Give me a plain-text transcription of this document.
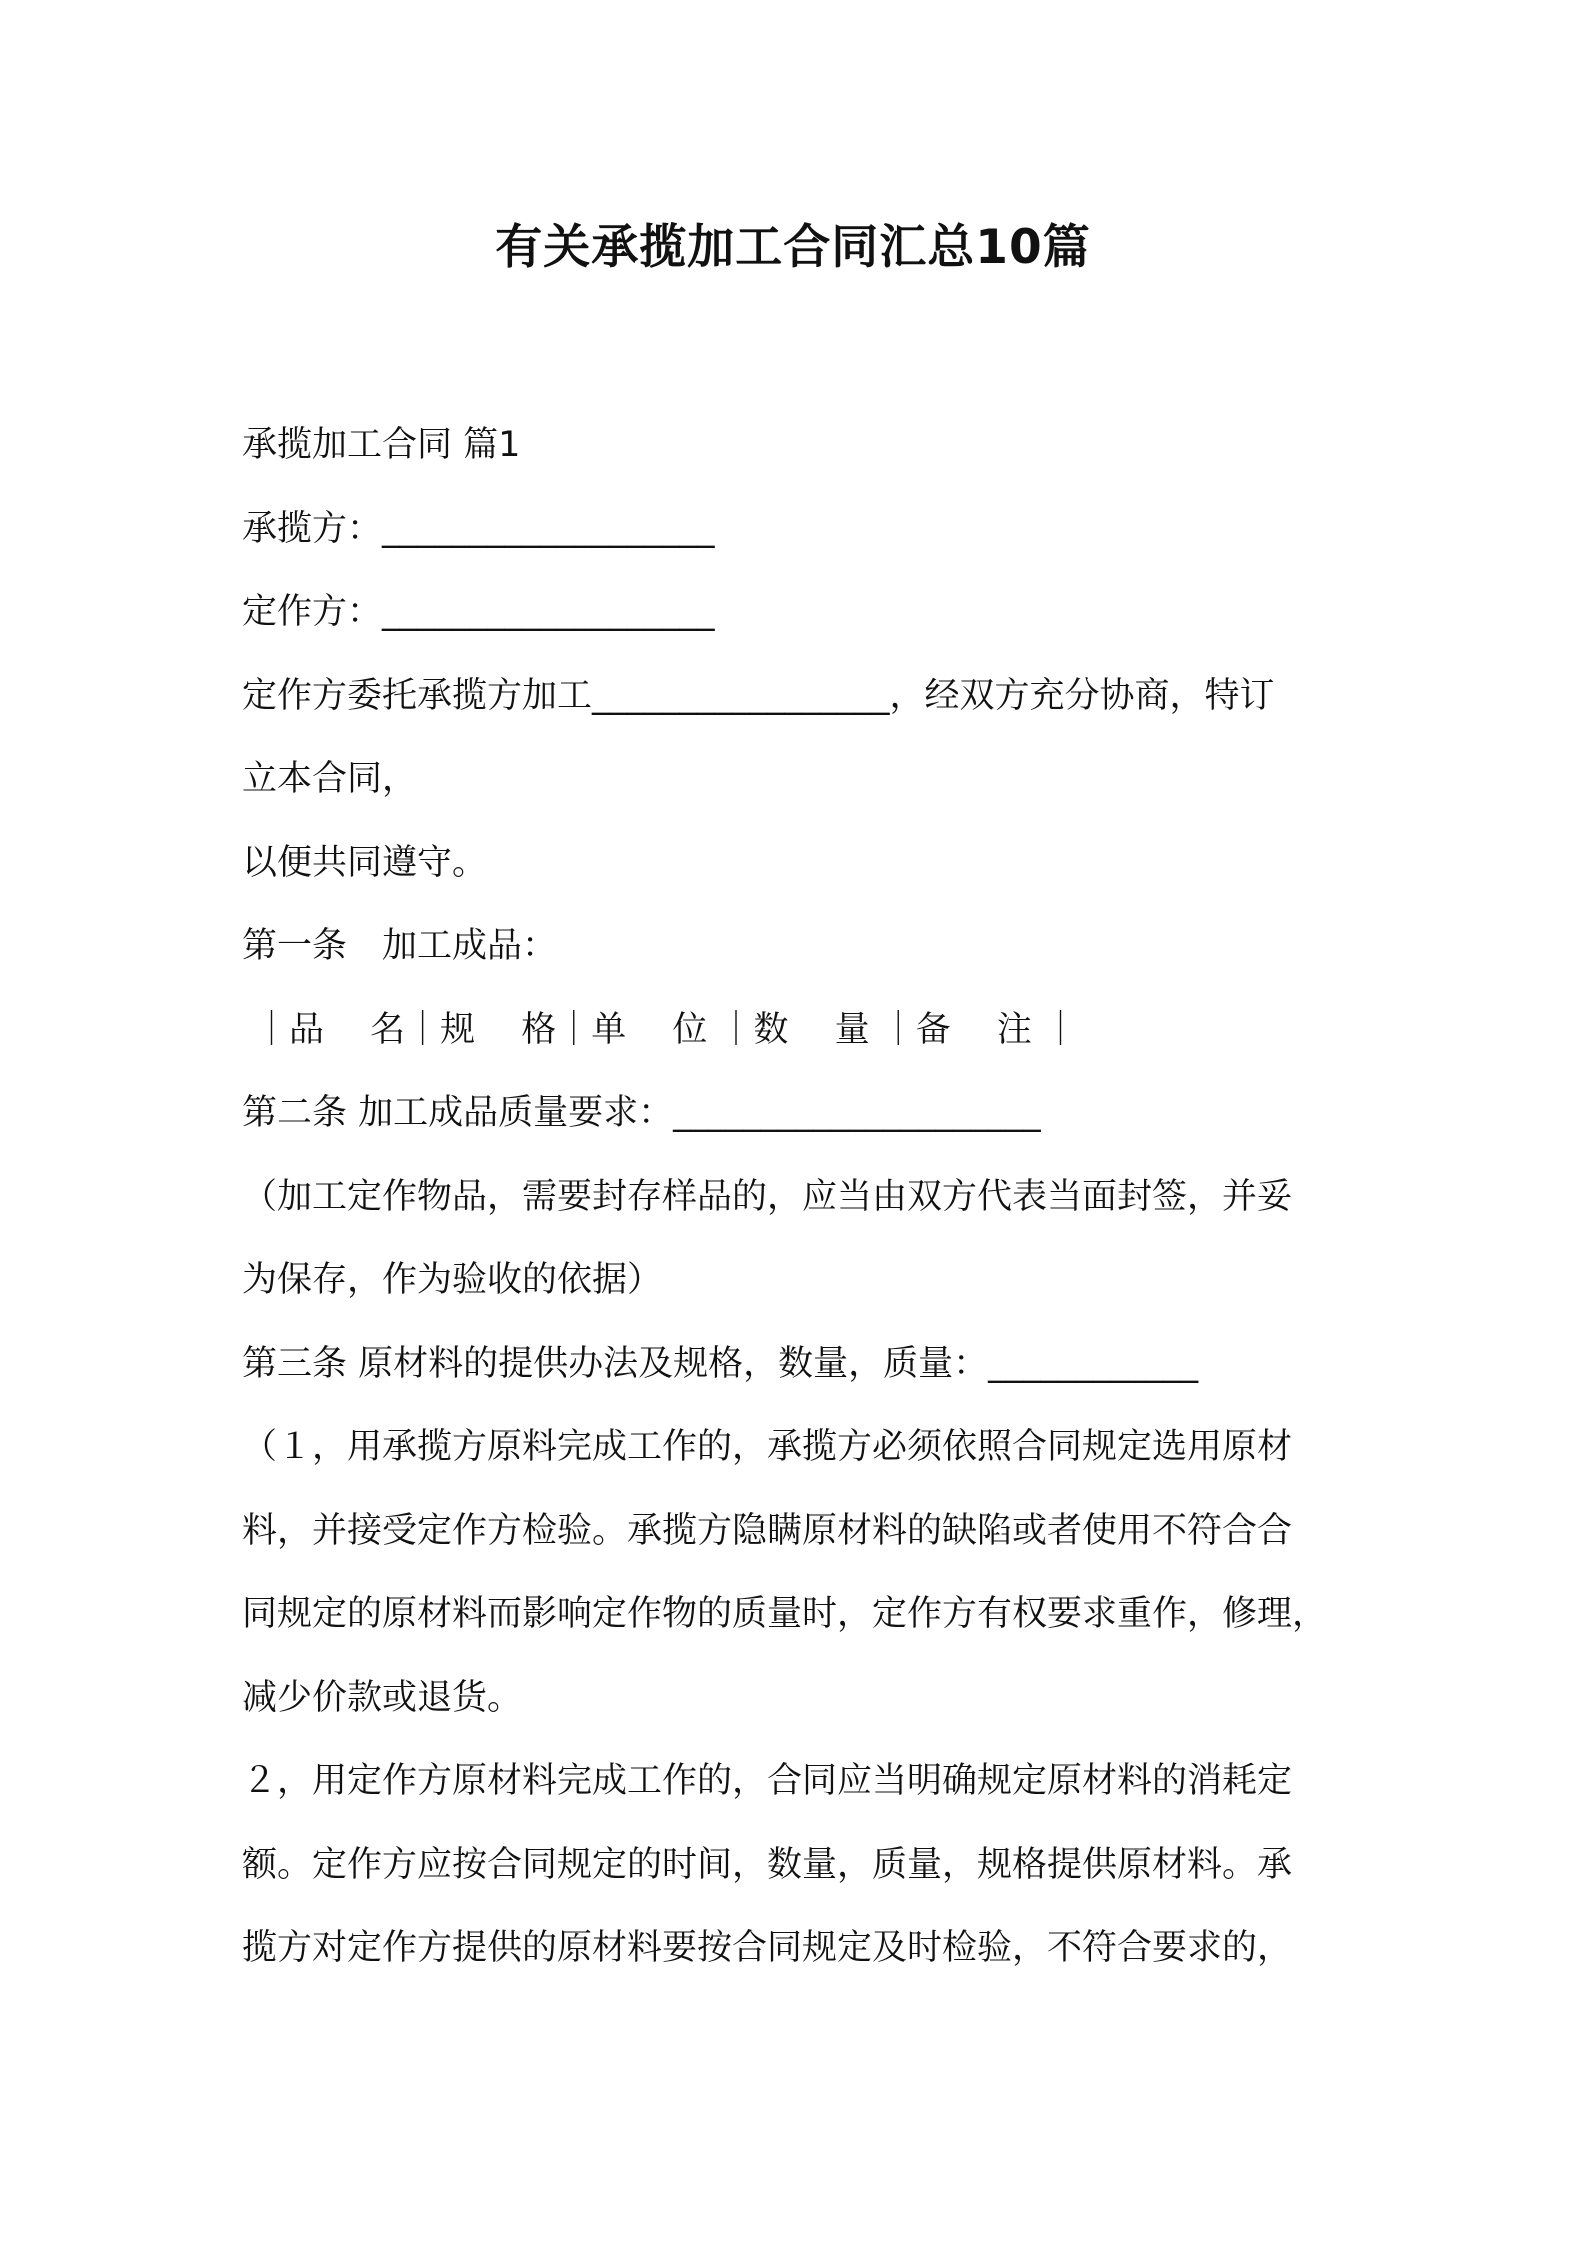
有关承揽加工合同汇总10篇
承揽加工合同 篇1
承揽方：___________________
定作方：___________________
定作方委托承揽方加工_________________，经双方充分协商，特订
立本合同，
以便共同遵守。
第一条　加工成品：
｜品　 名｜规　 格｜单　 位 ｜数　 量 ｜备　 注 ｜
第二条 加工成品质量要求：_____________________
（加工定作物品，需要封存样品的，应当由双方代表当面封签，并妥
为保存，作为验收的依据）
第三条 原材料的提供办法及规格，数量，质量：____________
（１，用承揽方原料完成工作的，承揽方必须依照合同规定选用原材
料，并接受定作方检验。承揽方隐瞒原材料的缺陷或者使用不符合合
同规定的原材料而影响定作物的质量时，定作方有权要求重作，修理，
减少价款或退货。
２，用定作方原材料完成工作的，合同应当明确规定原材料的消耗定
额。定作方应按合同规定的时间，数量，质量，规格提供原材料。承
揽方对定作方提供的原材料要按合同规定及时检验，不符合要求的，
